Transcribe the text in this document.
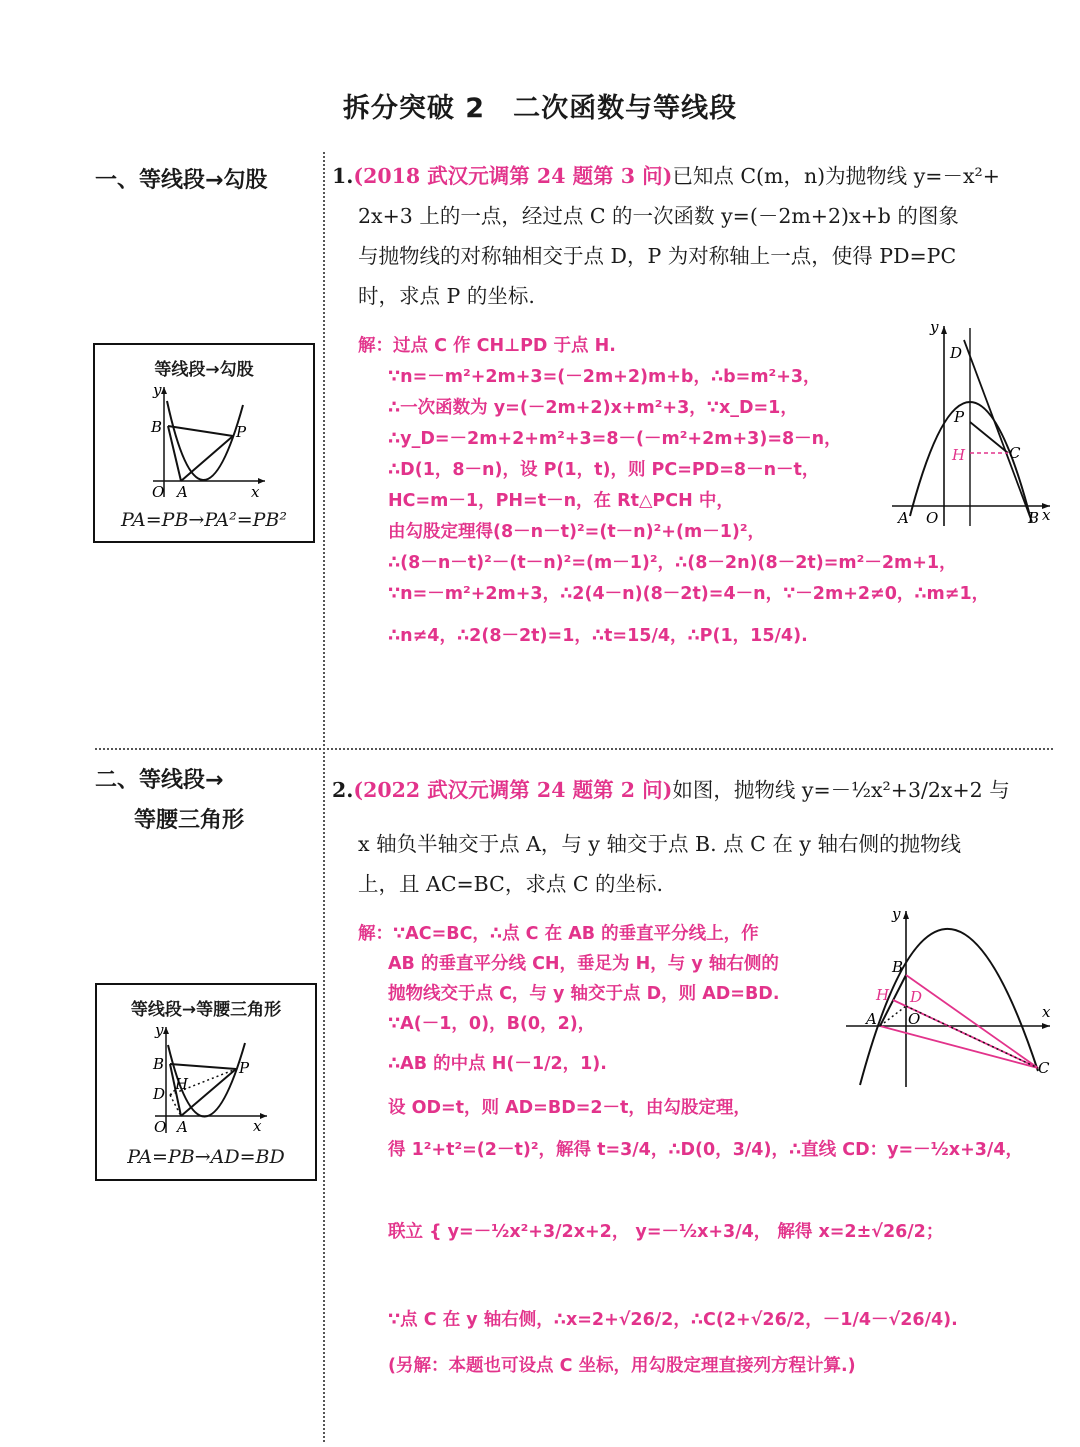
拆分突破 2　二次函数与等线段
一、等线段→勾股
等线段→勾股
y
x
O A
B	P
PA=PB→PA²=PB²
二、等线段→
等腰三角形
等线段→等腰三角形
y
x
O A
B	P
D
H
PA=PB→AD=BD
1.(2018 武汉元调第 24 题第 3 问)已知点 C(m，n)为抛物线 y=－x²+
2x+3 上的一点，经过点 C 的一次函数 y=(－2m+2)x+b 的图象
与抛物线的对称轴相交于点 D，P 为对称轴上一点，使得 PD=PC
时，求点 P 的坐标.
解：过点 C 作 CH⊥PD 于点 H.
∵n=－m²+2m+3=(－2m+2)m+b，∴b=m²+3，
∴一次函数为 y=(－2m+2)x+m²+3，∵x_D=1，
∴y_D=－2m+2+m²+3=8－(－m²+2m+3)=8－n，
∴D(1，8－n)，设 P(1，t)，则 PC=PD=8－n－t，
HC=m－1，PH=t－n，在 Rt△PCH 中，
由勾股定理得(8－n－t)²=(t－n)²+(m－1)²，
∴(8－n－t)²－(t－n)²=(m－1)²，∴(8－2n)(8－2t)=m²－2m+1，
∵n=－m²+2m+3，∴2(4－n)(8－2t)=4－n，∵－2m+2≠0，∴m≠1，
∴n≠4，∴2(8－2t)=1，∴t=15/4，∴P(1，15/4).
y
x
D
P
H	C
A O	B
2.(2022 武汉元调第 24 题第 2 问)如图，抛物线 y=－½x²+3/2x+2 与
x 轴负半轴交于点 A，与 y 轴交于点 B. 点 C 在 y 轴右侧的抛物线
上，且 AC=BC，求点 C 的坐标.
解：∵AC=BC，∴点 C 在 AB 的垂直平分线上，作
AB 的垂直平分线 CH，垂足为 H，与 y 轴右侧的
抛物线交于点 C，与 y 轴交于点 D，则 AD=BD.
∵A(－1，0)，B(0，2)，
∴AB 的中点 H(－1/2，1).
设 OD=t，则 AD=BD=2－t，由勾股定理，
得 1²+t²=(2－t)²，解得 t=3/4，∴D(0，3/4)，∴直线 CD：y=－½x+3/4，
联立 { y=－½x²+3/2x+2， y=－½x+3/4， 解得 x=2±√26/2；
∵点 C 在 y 轴右侧，∴x=2+√26/2，∴C(2+√26/2，－1/4－√26/4).
(另解：本题也可设点 C 坐标，用勾股定理直接列方程计算.)
y
x
B
H D
A O
C
